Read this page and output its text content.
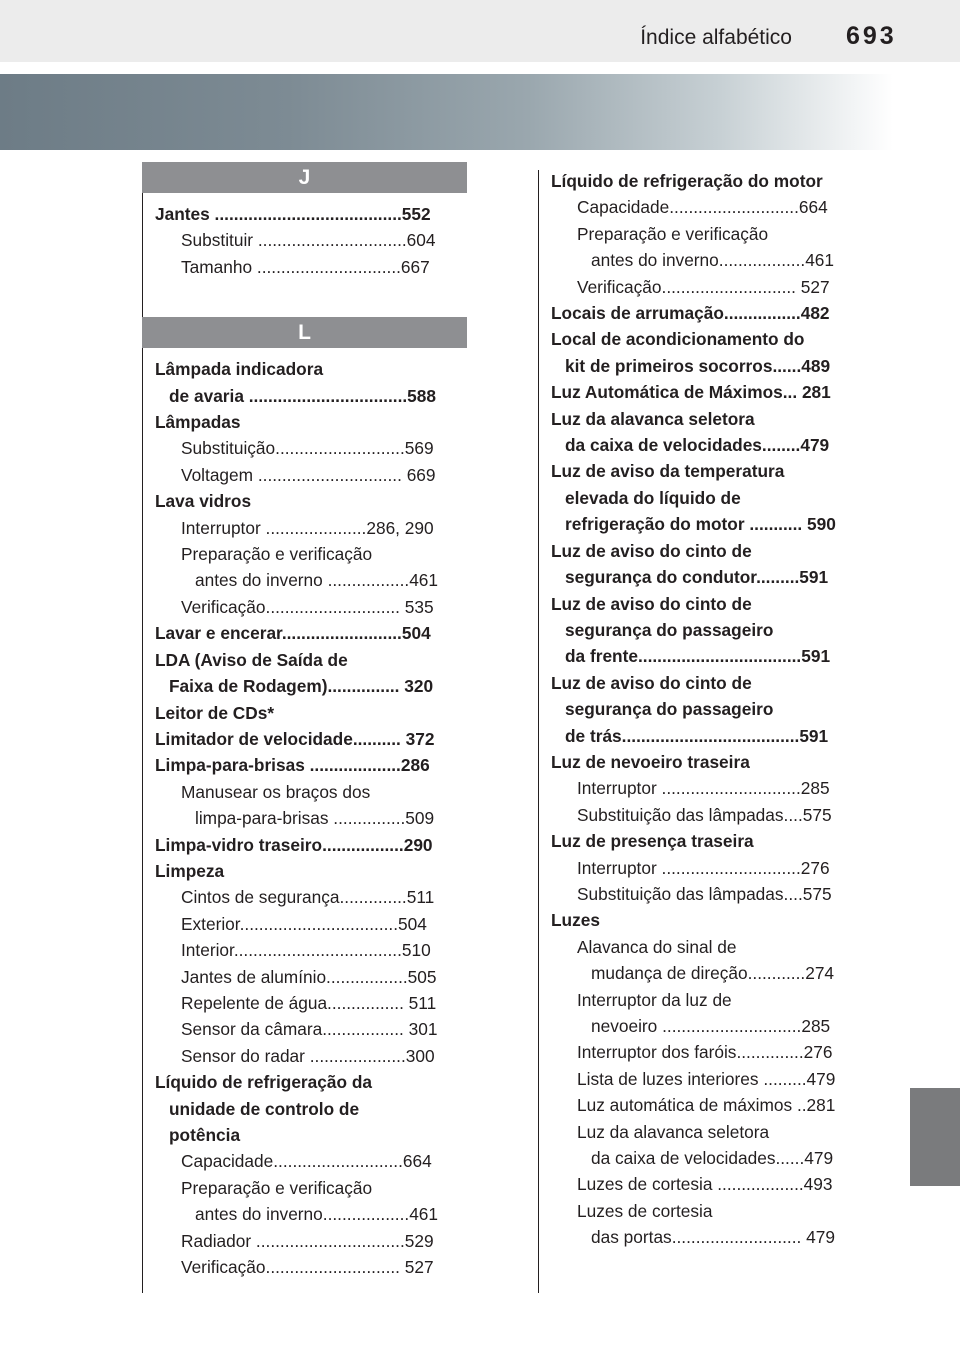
Índice alfabético 693
J
Jantes .......................................552
Substituir ...............................604
Tamanho ..............................667
L
Lâmpada indicadora
de avaria .................................588
Lâmpadas
Substituição...........................569
Voltagem .............................. 669
Lava vidros
Interruptor .....................286, 290
Preparação e verificação
antes do inverno .................461
Verificação............................ 535
Lavar e encerar.........................504
LDA (Aviso de Saída de
Faixa de Rodagem)............... 320
Leitor de CDs*
Limitador de velocidade.......... 372
Limpa-para-brisas ...................286
Manusear os braços dos
limpa-para-brisas ...............509
Limpa-vidro traseiro.................290
Limpeza
Cintos de segurança..............511
Exterior.................................504
Interior...................................510
Jantes de alumínio.................505
Repelente de água................ 511
Sensor da câmara................. 301
Sensor do radar ....................300
Líquido de refrigeração da
unidade de controlo de
potência
Capacidade...........................664
Preparação e verificação
antes do inverno..................461
Radiador ...............................529
Verificação............................ 527
Líquido de refrigeração do motor
Capacidade...........................664
Preparação e verificação
antes do inverno..................461
Verificação............................ 527
Locais de arrumação................482
Local de acondicionamento do
kit de primeiros socorros......489
Luz Automática de Máximos... 281
Luz da alavanca seletora
da caixa de velocidades........479
Luz de aviso da temperatura
elevada do líquido de
refrigeração do motor ........... 590
Luz de aviso do cinto de
segurança do condutor.........591
Luz de aviso do cinto de
segurança do passageiro
da frente..................................591
Luz de aviso do cinto de
segurança do passageiro
de trás.....................................591
Luz de nevoeiro traseira
Interruptor .............................285
Substituição das lâmpadas....575
Luz de presença traseira
Interruptor .............................276
Substituição das lâmpadas....575
Luzes
Alavanca do sinal de
mudança de direção............274
Interruptor da luz de
nevoeiro .............................285
Interruptor dos faróis..............276
Lista de luzes interiores .........479
Luz automática de máximos ..281
Luz da alavanca seletora
da caixa de velocidades......479
Luzes de cortesia ..................493
Luzes de cortesia
das portas........................... 479
